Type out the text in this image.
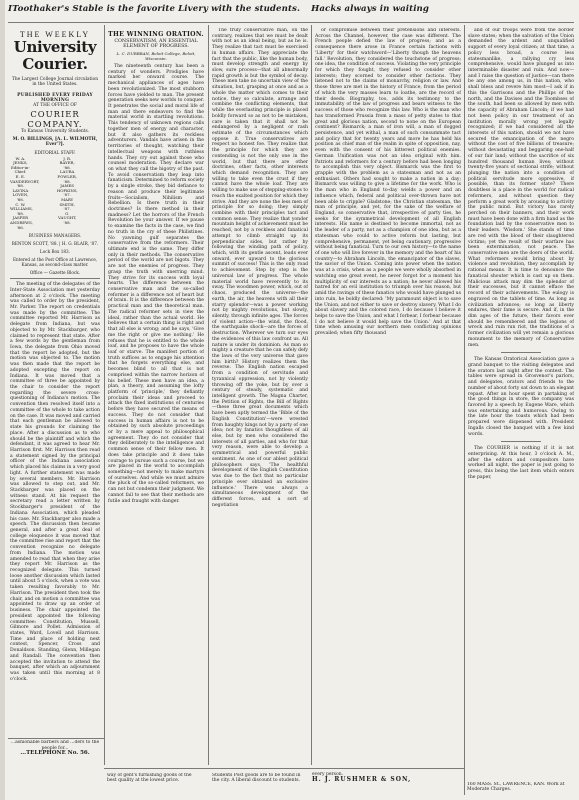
IToothaker's Stable is the favorite Livery with the students. Hacks always in waiting
THE WEEKLY
University Courier.
The Largest College Journal circulation in the United States.
PUBLISHED EVERY FRIDAY MORNING
AT THE OFFICE OF
COURIER COMPANY.
To Kansas University Students.
M. O. BILLINGS, [A. L. WILMOTH, Ever'?].
EDITORIAL STAFF.
W. A. JENKS, Editor-in-Chief.
E. E. VANDERVORT, '88.
LAVINA LOVEN, '88.
C. W. WILLIAMS, '88.
JASPER ANDREWS, '86.
J. R. BAYER, '86.
LAURA FOWLER, '88.
JAMES HOPKINS, '87.
MARY SMITH, '87.
G. VAUGHT, '88.
BUSINESS MANAGERS.
BENTON SCOTT, '88. | H. G. BLAIR, '87.
Lock Box 183.
Entered at the Post Office at Lawrence, Kansas, as second-class matter.
Office — Gazette Block.

The meeting of the delegates of the Inter-State Association met yesterday afternoon at 2 o'clock. The meeting was called to order by the president, Mr. Parker. The report on credentials was made by the committee. The committee reported Mr. Harrison as delegate from Indiana, but was objected to by Mr. Stackbarger, who claimed to represent that state. After a few words by the gentleman from Iowa, the delegate from Ohio moved that the report be adopted, but the motion was objected to. The motion was then made that the report be adopted excepting the report on Indiana. It was moved that a committee of three be appointed by the chair to consider the report regarding the severe cross-questioning of Indiana's motion. The convention then resolved itself into a committee of the whole to take action on the case. It was moved and carried that each gentleman be allowed to state his grounds for claiming the place. After a discussion as to who should be the plaintiff and which the defendant, it was agreed to hear Mr. Harrison first. Mr. Harrison then read a statement signed by the principal officer of the Indiana association which placed his claims in a very good light. A further statement was made by several members. Mr. Harrison was allowed to step out, and Mr. Stackbarger was placed on the witness stand. At his request the secretary read a letter written by Stockbarger's president of the Indiana Association, which pleaded his case. Mr. Stackbarger also made a speech. The discussion then became general, and after a great deal of college eloquence it was moved that the committee rise and report that the convention recognize no delegate from Indiana. The motion was amended to read that when they arise they report Mr. Harrison as the recognized delegate. This turned loose another discussion which lasted until about 5 o'clock, when a vote was taken resulting favorably to Mr. Harrison. The president then took the chair, and on motion a committee was appointed to draw up an order of business. The chair appointed the president appointed the following committee: Constitution, Mussell, Gilmore and Pollet. Admission of states, Ward, Lovell and Harrison. Time and place of holding next contest, Spencer, Cross and Donaldson. Standing, Glenn, Millegan and Randall. The convention then accepted the invitation to attend the banquet, after which an adjournment was taken until this morning at 8 o'clock.

THE WINNING ORATION.
CONSERVATISM, AN ESSENTIAL ELEMENT OF PROGRESS.
L. C. DURBRAN, Beloit College, Beloit, Wisconsin.

The nineteenth century has been a century of wonders. Prodigies have marked her onward course. The mechanical appliances of ages have been revolutionized. The most stubborn forces have yielded to man. The present generation seeks new worlds to conquer. It penetrates the social and moral life of man and there endeavors to find the material world in startling revolutions. This tendency of unknown regions calls together men of energy and character, but it also gathers its reckless adventurers. Vandals have arisen in the territories of thought, watching their intellectual weapons with ruthless hands. They cry out against those who counsel moderation. They declare war on what they call the bigotry of the past. To avoid conservatism they leap into fanaticism. Determined to reform society by a single stroke, they bid defiance to reason and produce their legitimate fruits—Socialism, Nihilism and Rebellion. Is there truth in their doctrines? Is there method in their madness? Let the horrors of the French Revolution be your answer. If we pause to examine the facts in the case, we find no truth in the cry of these Philistines. No yawning gulf separates the conservative from the reformers. Their ultimate end is the same. They differ only in their methods. The conservative period of the world are not bigots. They are not the enemies of progress. They grasp the truth with unerring mind. They strive for its success with loyal hearts. The difference between the conservative man and the so-called reformer is a difference not of heart but of brain. It is the difference between the practical man and the theoretical man. The radical reformer sets in view the ideal, rather than the actual world. He believes that a certain thing is right and that all else is wrong; and he says, 'Give me the right or give me nothing.' He refuses that he is entitled to the whole loaf, and he proposes to have the whole loaf or starve. The manifest portion of truth suffices as to engage his attention that he forgets everything else, and becomes blind to all that is not comprised within the narrow horizon of his belief. These men have an idea, a plan, a theory, and assuming the lofty platform of 'principle,' they defiantly proclaim their ideas and proceed to attack the fixed institutions of centuries before they have secured the means of success. They do not consider that success in human affairs is not to be obtained by such absolute proceedings or by a mere appeal to philosophical agreement. They do not consider that they deliberately to the intelligence and common sense of their fellow men. It does take principle and it does take courage to pursue such a course, but we are placed in the world to accomplish something—not merely to make martyrs of ourselves. And while we must admire the pluck of the so-called reformers, we can not but condemn their judgment. We cannot fail to see that their methods are futile and fraught with danger.

The truly conservative man, on the contrary, realizes that we must be dealt with not as an ideal being, but as he is. They realize that tact must be exercised in human affairs. They appreciate the fact that the public, like the human body, must develop strength and energy by slow, sure process—that all abnormally rapid growth is but the symbol of decay. These men take no uncertain view of the situation, but, grasping at once and as a whole the matter which comes to their notice, they so calculate, arrange and combine the conflicting elements, that while the everlasting principle is placed boldly forward so as not to be mistaken, care is taken that it shall not be endangered by a negligent or rash estimate of the circumstances which oppose it. True conservatives are respect no honest foe. They realize that the principle for which they are contending is not the only one in the world, but that there are other doctrines, other facts, other interests which demand recognition. They are willing to take even the crust if they cannot have the whole loaf. They are willing to make use of stepping-stones to reach the exalted position for which they strive. And they are none the less men of principle for so doing; they simply combine with their principles tact and common sense. They realize that yonder mountain height of achievement must be reached, not by a reckless and fanatical attempt to climb straight up its perpendicular sides, but rather by following the winding path of policy, which, with its gentle ascent, leads ever onward, ever upward to the glorious summit of success! This is the only road to achievement. Step by step is the universal law of progress. The whole material world have reverently to its sway. The woodmen power, which, out of chaos, produced the universe—the earth, the air, the heavens with all their starry splendor—was a power working not by mighty revolutions, but slowly, silently, through infinite ages. The forces of violent action—the wind, the flood, the earthquake shock—are the forces of destruction. Wherever we turn our eyes the evidences of this law confront us. All nature is under its dominion. As man so mighty a creature that he can safely defy the laws of the very universe that gave him birth? History realizes them the reverse. The English nation escaped from a condition of servitude and tyrannical oppression, not by violently throwing off the yoke, but by over a century of steady, systematic and intelligent growth. The Magna Charter, the Petition of Rights, the Bill of Rights—these three great documents which have been aptly termed the 'Bible of the English Constitution'—were wrested from haughty kings not by a party of one idea; not by fanatics thoughtless of all else, but by men who considered the interests of all parties, and who for that very reason, were able to develop a symmetrical and powerful public sentiment. As one of our ablest political philosophers says, 'The healthful development of the English Constitution was due to the fact that no particular principle ever obtained an exclusive influence.' There was always a simultaneous development of the different forces, and a sort of negotiation

or compromise between their pretensions and interests. Across the Channel, however, the case was different. The French people defied the law of progress; and as a consequence there arose in France certain factions with 'Liberty' for their watchword—'Liberty though the heavens fall.' Revolution, they considered the touchstone of progress; one idea, the condition of success. Violating the very principle for which they fought, they refused to consider other interests; they scorned to consider other factions. They listened not to the claims of monarchy, religion or law. And those three are met in the history of France, from the period of which the very masses learn to loathe, are the record of their deeds. Biography, too, adds its testimony to the immutability of the law of progress and bears witness to the success of those who recognize this law. Who is the man who has transformed Prussia from a mass of petty states to that great and glorious nation, second to none on the European continent? Bismarck; a man of iron will, a man of dogged persistence, and yet withal, a man of such consummate tact and policy that for twenty years and more he has held his position as chief man of the realm in spite of opposition, nay, even with the consent of his bitterest political enemies. German Unification was not an idea original with him. Patriots and reformers for a century before had been longing to accomplish this very object. Bismarck was the first to grapple with the problem as a statesman and not as an enthusiast. Others had sought to make a nation in a day; Bismarck was willing to give a lifetime for the work. Who is the man who in England to-day wields a power and an influence which, federal and political over-thrown have not been able to cripple? Gladstone; the Christian statesman, the man of principle, and yet, for the sake of the welfare of England, so conservative that, irrespective of party ties, he seeks for the symmetrical development of all English interests. His name is destined to become immortal, not as the leader of a party, not as a champion of one idea, but as a statesman who could to active reform but lasting, but comprehensive, permanent, yet being cautionary, progressive without being fanatical. Turn to our own history—to the name of one who will live forever in the memory and the heart of his country—to Abraham Lincoln, the emancipator of the slaves, the savior of the Union. Coming into power when the nation was at a crisis, when as a people we were wholly absorbed in watching one great event, he never forgot for a moment his multiplicity of our interests as a nation; he never allowed his hatred for an evil institution to triumph over his reason, but amid the ravings of these fanatics who would have plunged us into ruin, he boldly declared: 'My paramount object is to save the Union, and not either to save or destroy slavery. What I do about slavery and the colored race, I do because I believe it helps to save the Union, and what I forbear, I forbear because I do not believe it would help save the Union.' And at that time when amusing our northern men conflicting opinions prevailed; when fifty thousand

and of our troops were from the border slave states; when the salvation of the Union demanded the ardent and unqualified support of every loyal citizen; at that time, a policy less broad, a course less statesmanlike, a rallying cry less comprehensive, would have plunged us into interminable disaster and ruin. And now—and I raise the question of justice—can there be any one among us, in this nation, who shall bless and revere him most—I ask if in this the Garrisons and the Phillips of the north, and the Davises and the Toombses of the south, had been so allowed by men with the capacity of Abraham Lincoln; if we had not been policy in our treatment of an institution morally wrong yet legally recognized; if we had considered all the interests of this nation, should we not have secured the emancipation of the negro without the cost of five billions of treasure; without devastating and beggaring one-half of our fair land; without the sacrifice of six hundred thousand human lives; without twenty-five years of sectional strife; without plunging the nation into a condition of political servitude more oppressive, if possible, than its former state? There doubtless is a place in the world for radical reformers, and without question they perform a great work by arousing to activity the public mind. But victory has rarely perched on their banners, and their work must have been done with a firm hand as the foundation laid by the conservative men to their leaders. 'Wisdom.' She stands of time are red with the blood of their slaughtered victims; yet the result of their warfare has been extermination, not peace. The conservative men are the doers of the world. What reformers would bring about by violence and revolution, they accomplish by rational means. It is time to denounce the fanatical shouter which is cast up on them. Malicious attack may dim the splendor of their successes, but it cannot efface the record of their achievements. The eulogy is engraved on the tablets of time. As long as civilization advances; so long as liberty endures, their fame is secure. And if, in the dim ages of the future, their favors ever should be remembered and the legions of wreck and ruin run riot, the traditions of a former civilization will yet remain a glorious monument to the memory of Conservative men.

The Kansas Oratorical Association gave a grand banquet to the visiting delegates and the orators last night after the contest. The tables were spread in Grosvenor's parlors, and delegates, orators and friends to the number of about forty sat down to an elegant repast. After an hour spent in partaking of the good things in store, the company was favored by a speech by Eugene Ware, which was entertaining and humorous. Owing to the late hour the toasts which had been prepared were dispensed with. President Ingalls closed the banquet with a few kind words.

The COURIER is nothing if it is not enterprising. At this hour, 3 o'clock A. M., after the editors and compositors have worked all night, the paper is just going to press, this being the last item which enters the paper,

...ashionable barbers and ...ders to the people for...
...TELEPHONE No. 56.
way of gent's furnishing goods of the best quality at the lowest price.
Students Post goods are to be found in the city. A liberal discount to students.
every person.
H. J. RUSHMER & SON,
160 MASS. St., LAWRENCE, KAN. Work at Moderate Charges.
